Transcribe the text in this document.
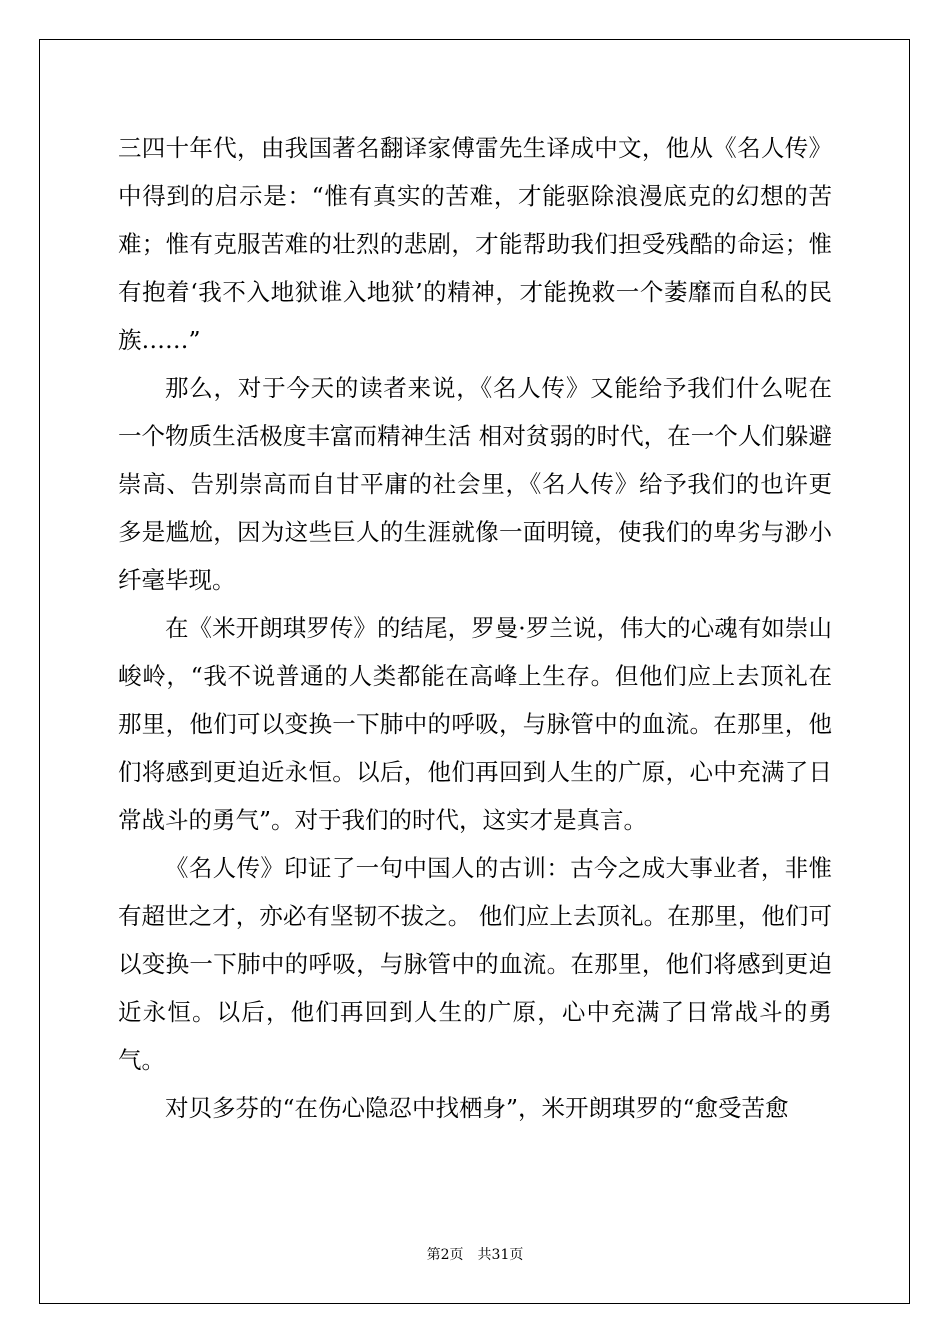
三四十年代，由我国著名翻译家傅雷先生译成中文，他从《名人传》中得到的启示是：“惟有真实的苦难，才能驱除浪漫底克的幻想的苦难；惟有克服苦难的壮烈的悲剧，才能帮助我们担受残酷的命运；惟有抱着‘我不入地狱谁入地狱’的精神，才能挽救一个萎靡而自私的民族……”

那么，对于今天的读者来说，《名人传》又能给予我们什么呢在一个物质生活极度丰富而精神生活 相对贫弱的时代，在一个人们躲避崇高、告别崇高而自甘平庸的社会里，《名人传》给予我们的也许更多是尴尬，因为这些巨人的生涯就像一面明镜，使我们的卑劣与渺小纤毫毕现。

在《米开朗琪罗传》的结尾，罗曼·罗兰说，伟大的心魂有如崇山峻岭，“我不说普通的人类都能在高峰上生存。但他们应上去顶礼在那里，他们可以变换一下肺中的呼吸，与脉管中的血流。在那里，他们将感到更迫近永恒。以后，他们再回到人生的广原，心中充满了日常战斗的勇气”。对于我们的时代，这实才是真言。

《名人传》印证了一句中国人的古训：古今之成大事业者，非惟有超世之才，亦必有坚韧不拔之。 他们应上去顶礼。在那里，他们可以变换一下肺中的呼吸，与脉管中的血流。在那里，他们将感到更迫近永恒。以后，他们再回到人生的广原，心中充满了日常战斗的勇气。

对贝多芬的“在伤心隐忍中找栖身”，米开朗琪罗的“愈受苦愈

第2页 共31页
